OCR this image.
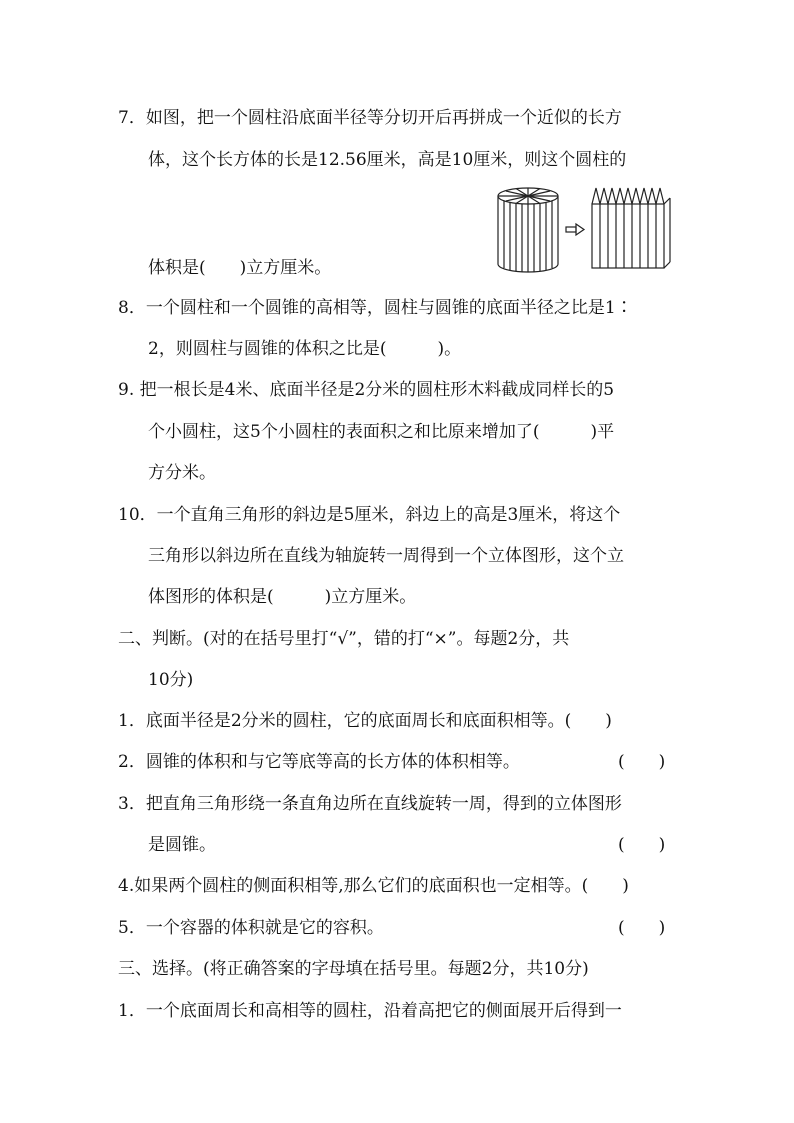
7．如图，把一个圆柱沿底面半径等分切开后再拼成一个近似的长方
体，这个长方体的长是12.56厘米，高是10厘米，则这个圆柱的
体积是(　　)立方厘米。
8．一个圆柱和一个圆锥的高相等，圆柱与圆锥的底面半径之比是1∶
2，则圆柱与圆锥的体积之比是(　　　)。
9. 把一根长是4米、底面半径是2分米的圆柱形木料截成同样长的5
个小圆柱，这5个小圆柱的表面积之和比原来增加了(　　　)平
方分米。
10．一个直角三角形的斜边是5厘米，斜边上的高是3厘米，将这个
三角形以斜边所在直线为轴旋转一周得到一个立体图形，这个立
体图形的体积是(　　　)立方厘米。
二、判断。(对的在括号里打“√”，错的打“×”。每题2分，共
10分)
1．底面半径是2分米的圆柱，它的底面周长和底面积相等。(　　)
2．圆锥的体积和与它等底等高的长方体的体积相等。	(　　)
3．把直角三角形绕一条直角边所在直线旋转一周，得到的立体图形
是圆锥。	(　　)
4.如果两个圆柱的侧面积相等,那么它们的底面积也一定相等。(　　)
5．一个容器的体积就是它的容积。	(　　)
三、选择。(将正确答案的字母填在括号里。每题2分，共10分)
1．一个底面周长和高相等的圆柱，沿着高把它的侧面展开后得到一
